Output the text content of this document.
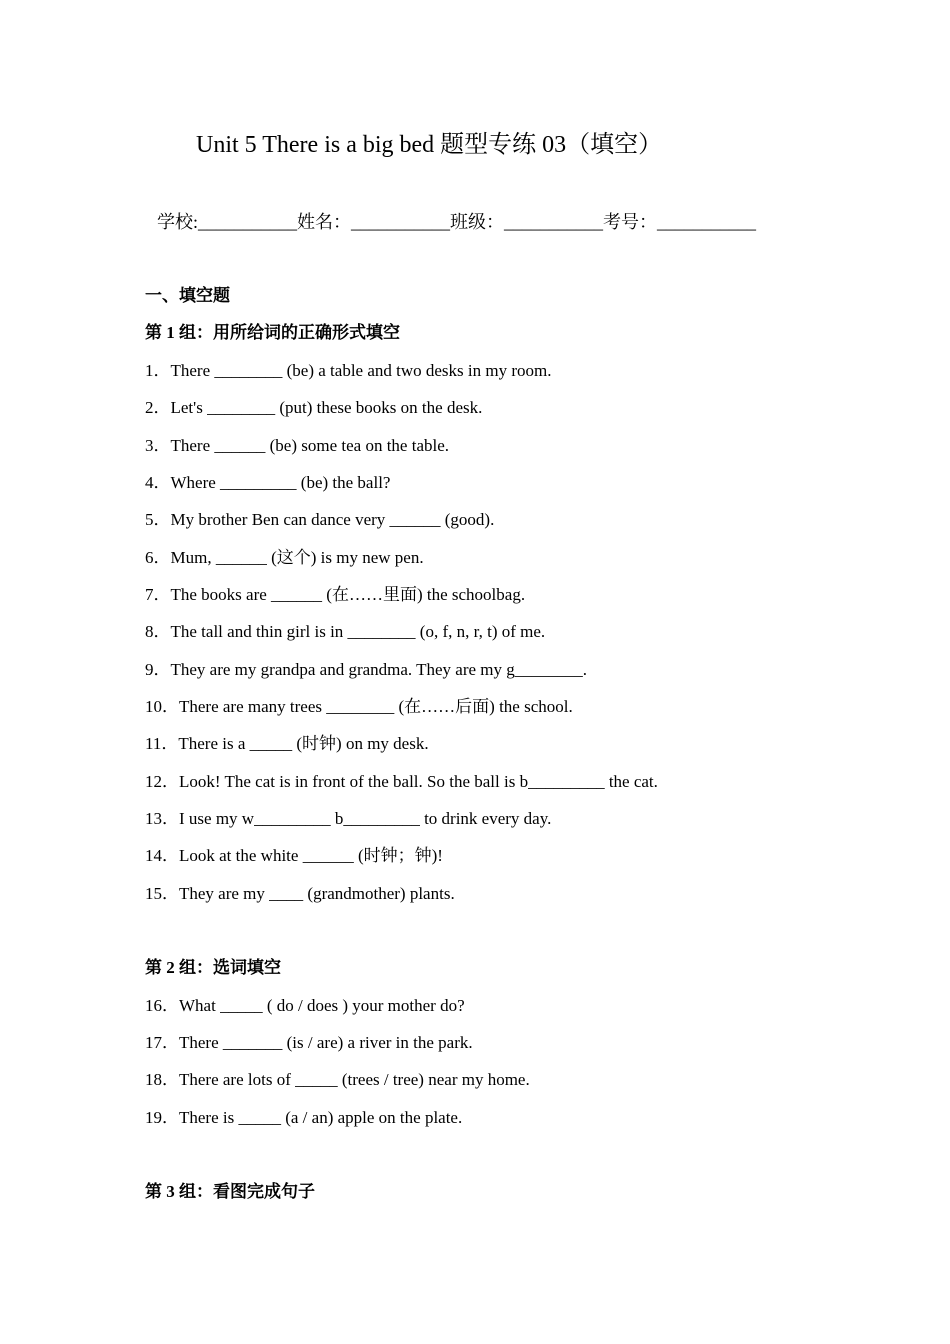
Unit 5 There is a big bed 题型专练 03（填空）
学校:___________姓名：___________班级：___________考号：___________
一、填空题
第 1 组：用所给词的正确形式填空
1．There ________ (be) a table and two desks in my room.
2．Let's ________ (put) these books on the desk.
3．There ______ (be) some tea on the table.
4．Where _________ (be) the ball?
5．My brother Ben can dance very ______ (good).
6．Mum, ______ (这个) is my new pen.
7．The books are ______ (在……里面) the schoolbag.
8．The tall and thin girl is in ________ (o, f, n, r, t) of me.
9．They are my grandpa and grandma. They are my g________.
10．There are many trees ________ (在……后面) the school.
11．There is a _____ (时钟) on my desk.
12．Look! The cat is in front of the ball. So the ball is b_________ the cat.
13．I use my w_________ b_________ to drink every day.
14．Look at the white ______ (时钟；钟)!
15．They are my ____ (grandmother) plants.
第 2 组：选词填空
16．What _____ ( do / does ) your mother do?
17．There _______ (is / are) a river in the park.
18．There are lots of _____ (trees / tree) near my home.
19．There is _____ (a / an) apple on the plate.
第 3 组：看图完成句子
